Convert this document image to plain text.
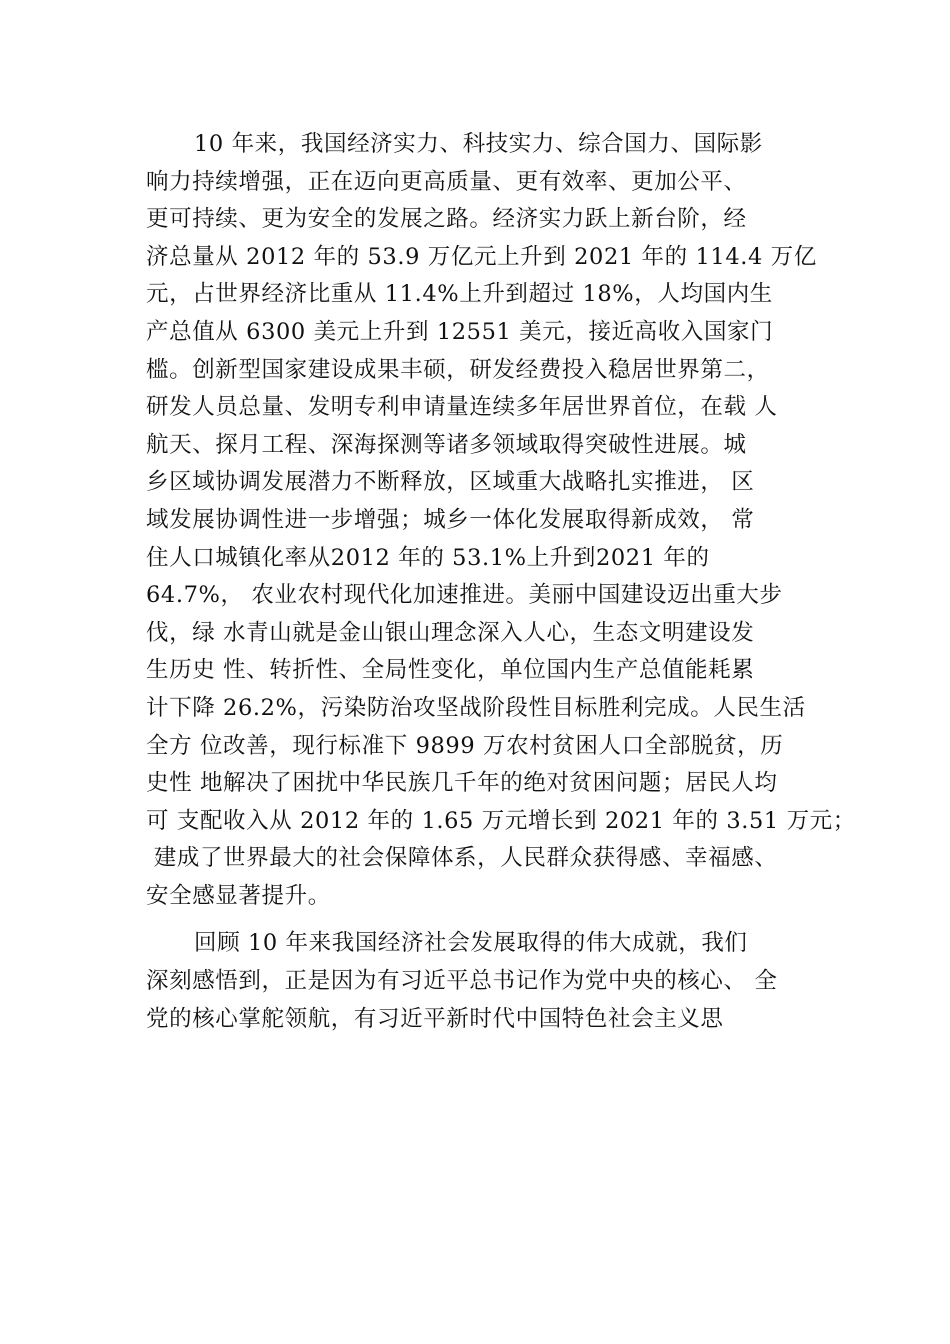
10 年来，我国经济实力、科技实力、综合国力、国际影
响力持续增强，正在迈向更高质量、更有效率、更加公平、
更可持续、更为安全的发展之路。经济实力跃上新台阶，经
济总量从 2012 年的 53.9 万亿元上升到 2021 年的 114.4 万亿
元，占世界经济比重从 11.4%上升到超过 18%，人均国内生
产总值从 6300 美元上升到 12551 美元，接近高收入国家门
槛。创新型国家建设成果丰硕，研发经费投入稳居世界第二，
研发人员总量、发明专利申请量连续多年居世界首位，在载 人
航天、探月工程、深海探测等诸多领域取得突破性进展。城
乡区域协调发展潜力不断释放，区域重大战略扎实推进， 区
域发展协调性进一步增强；城乡一体化发展取得新成效， 常
住人口城镇化率从2012 年的 53.1%上升到2021 年的
64.7%， 农业农村现代化加速推进。美丽中国建设迈出重大步
伐，绿 水青山就是金山银山理念深入人心，生态文明建设发
生历史 性、转折性、全局性变化，单位国内生产总值能耗累
计下降 26.2%，污染防治攻坚战阶段性目标胜利完成。人民生活
全方 位改善，现行标准下 9899 万农村贫困人口全部脱贫，历
史性 地解决了困扰中华民族几千年的绝对贫困问题；居民人均
可 支配收入从 2012 年的 1.65 万元增长到 2021 年的 3.51 万元；
建成了世界最大的社会保障体系，人民群众获得感、幸福感、
安全感显著提升。
回顾 10 年来我国经济社会发展取得的伟大成就，我们
深刻感悟到，正是因为有习近平总书记作为党中央的核心、 全
党的核心掌舵领航，有习近平新时代中国特色社会主义思
